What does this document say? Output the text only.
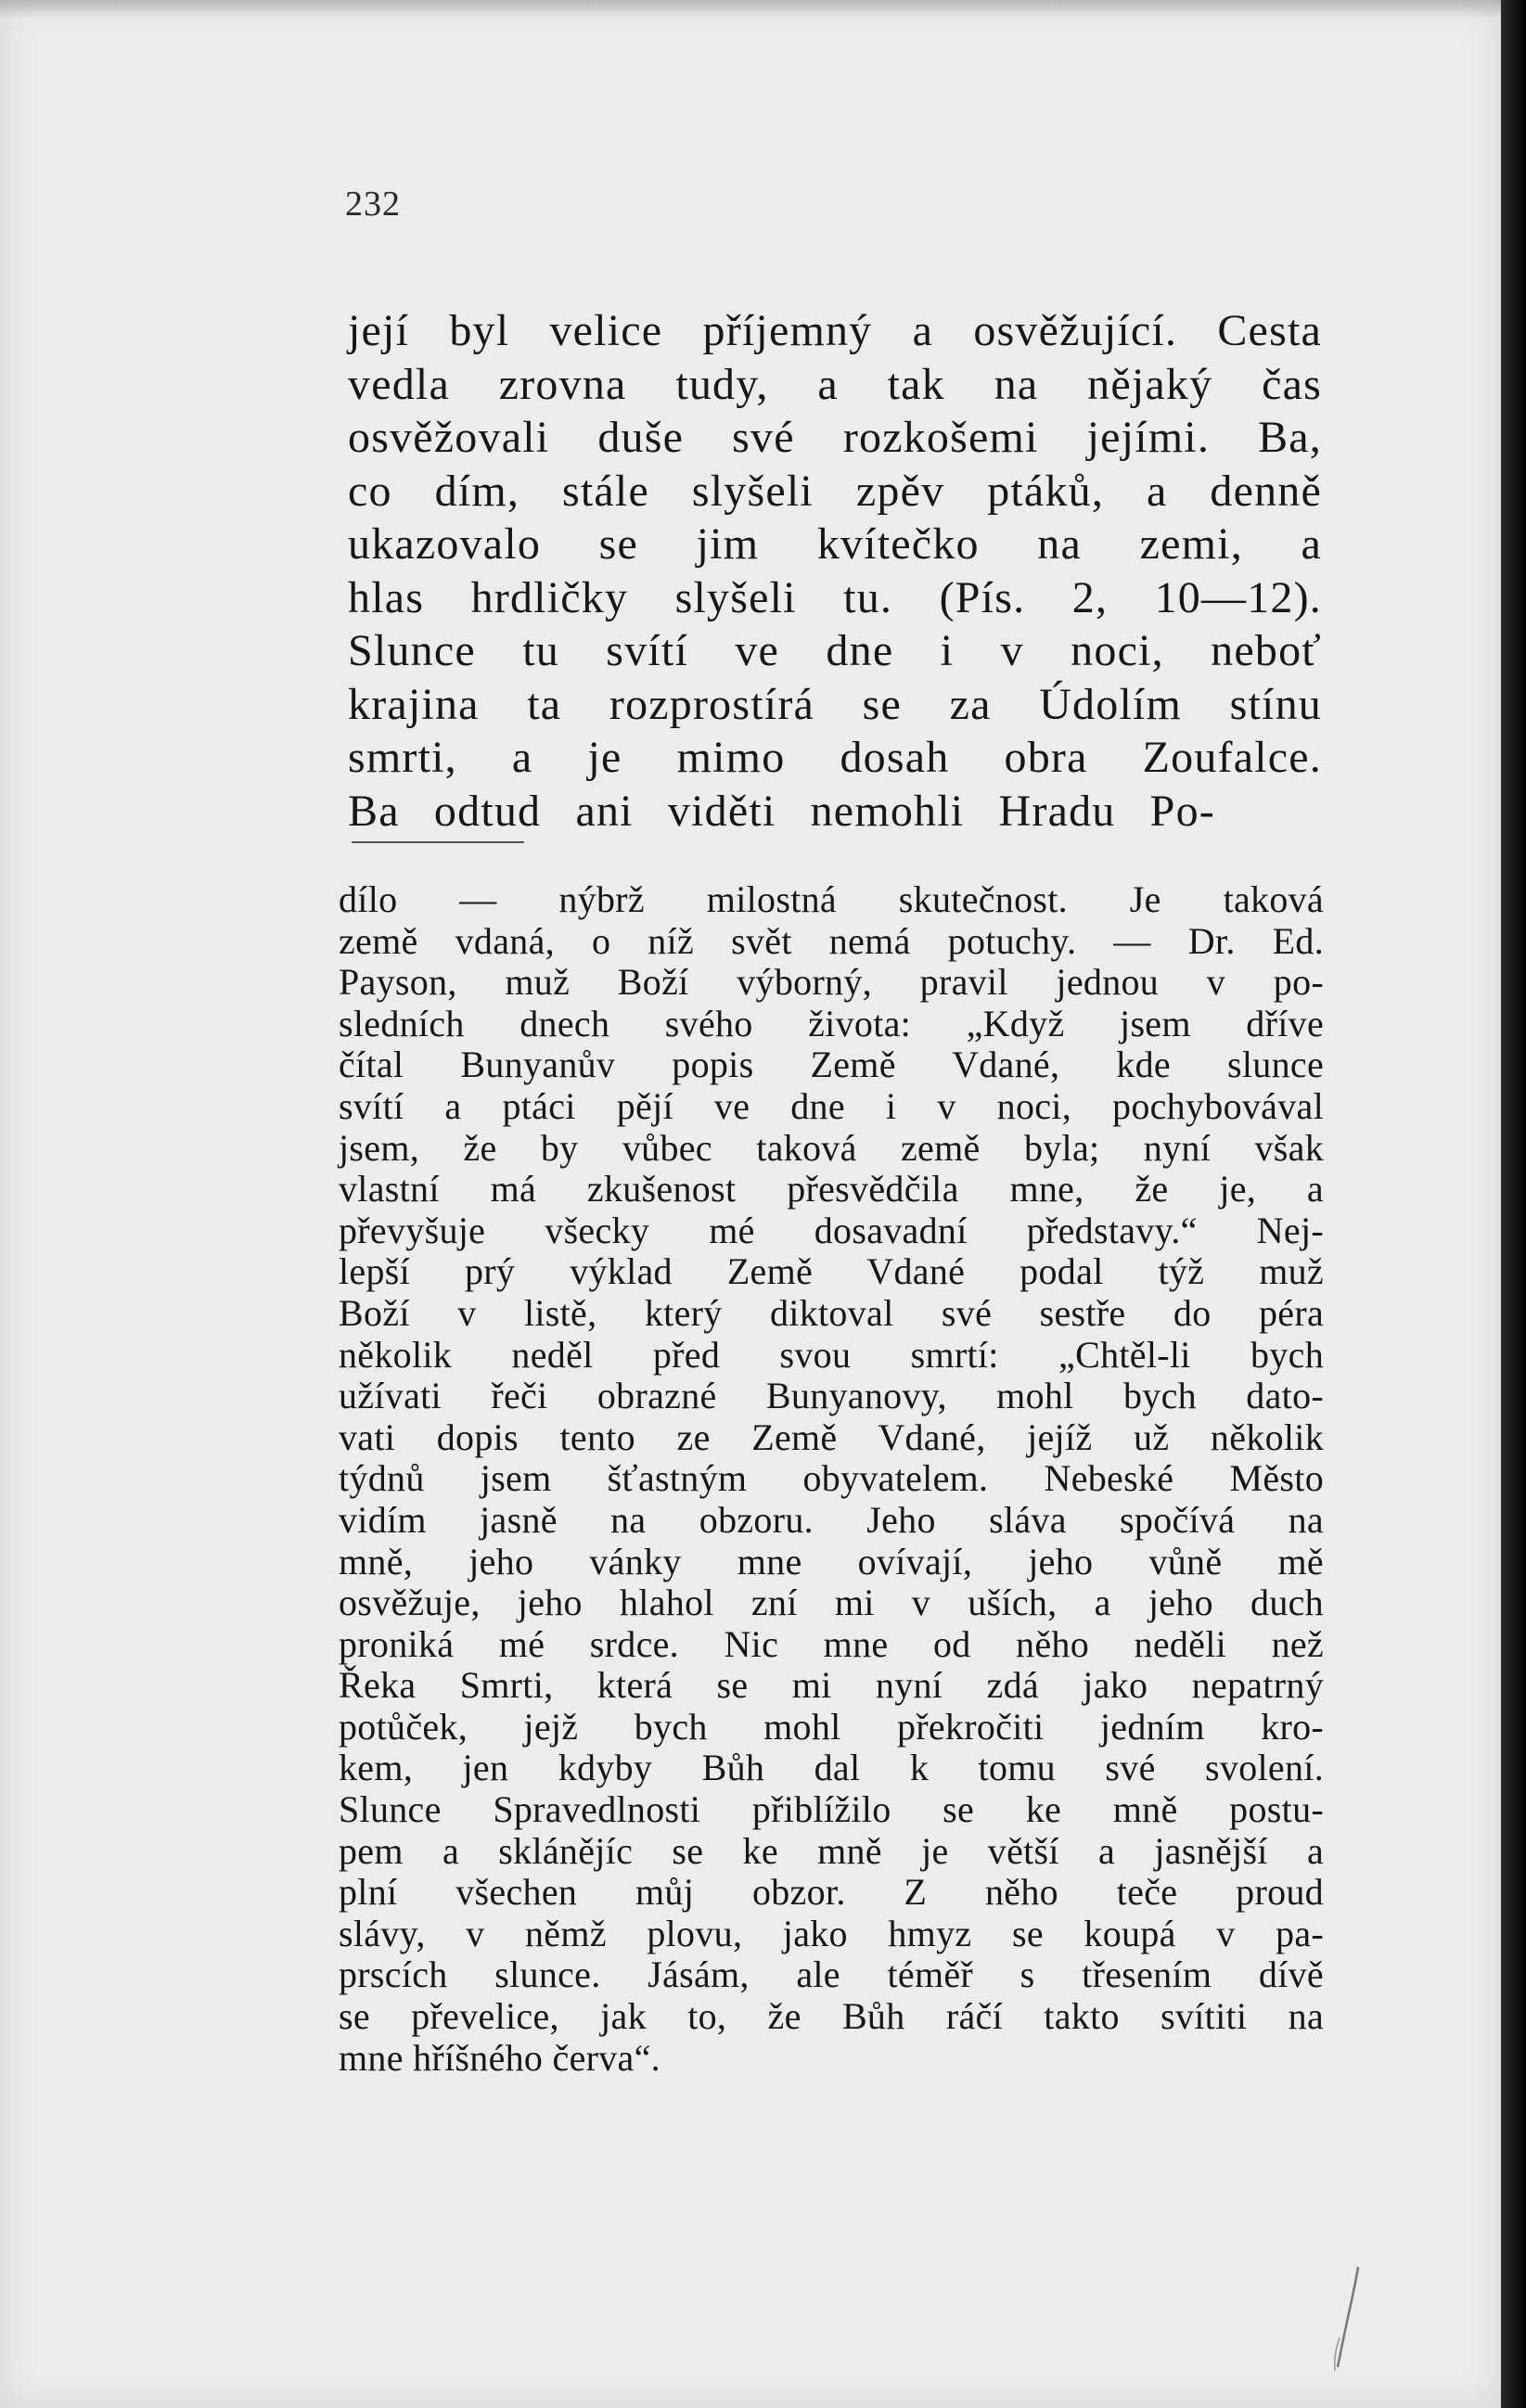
232
její byl velice příjemný a osvěžující. Cesta
vedla zrovna tudy, a tak na nějaký čas
osvěžovali duše své rozkošemi jejími. Ba,
co dím, stále slyšeli zpěv ptáků, a denně
ukazovalo se jim kvítečko na zemi, a
hlas hrdličky slyšeli tu. (Pís. 2, 10—12).
Slunce tu svítí ve dne i v noci, neboť
krajina ta rozprostírá se za Údolím stínu
smrti, a je mimo dosah obra Zoufalce.
Ba odtud ani viděti nemohli Hradu Po-
dílo — nýbrž milostná skutečnost. Je taková
země vdaná, o níž svět nemá potuchy. — Dr. Ed.
Payson, muž Boží výborný, pravil jednou v po-
sledních dnech svého života: „Když jsem dříve
čítal Bunyanův popis Země Vdané, kde slunce
svítí a ptáci pějí ve dne i v noci, pochybovával
jsem, že by vůbec taková země byla; nyní však
vlastní má zkušenost přesvědčila mne, že je, a
převyšuje všecky mé dosavadní představy.“ Nej-
lepší prý výklad Země Vdané podal týž muž
Boží v listě, který diktoval své sestře do péra
několik neděl před svou smrtí: „Chtěl-li bych
užívati řeči obrazné Bunyanovy, mohl bych dato-
vati dopis tento ze Země Vdané, jejíž už několik
týdnů jsem šťastným obyvatelem. Nebeské Město
vidím jasně na obzoru. Jeho sláva spočívá na
mně, jeho vánky mne ovívají, jeho vůně mě
osvěžuje, jeho hlahol zní mi v uších, a jeho duch
proniká mé srdce. Nic mne od něho neděli než
Řeka Smrti, která se mi nyní zdá jako nepatrný
potůček, jejž bych mohl překročiti jedním kro-
kem, jen kdyby Bůh dal k tomu své svolení.
Slunce Spravedlnosti přiblížilo se ke mně postu-
pem a sklánějíc se ke mně je větší a jasnější a
plní všechen můj obzor. Z něho teče proud
slávy, v němž plovu, jako hmyz se koupá v pa-
prscích slunce. Jásám, ale téměř s třesením dívě
se převelice, jak to, že Bůh ráčí takto svítiti na
mne hříšného červa“.
